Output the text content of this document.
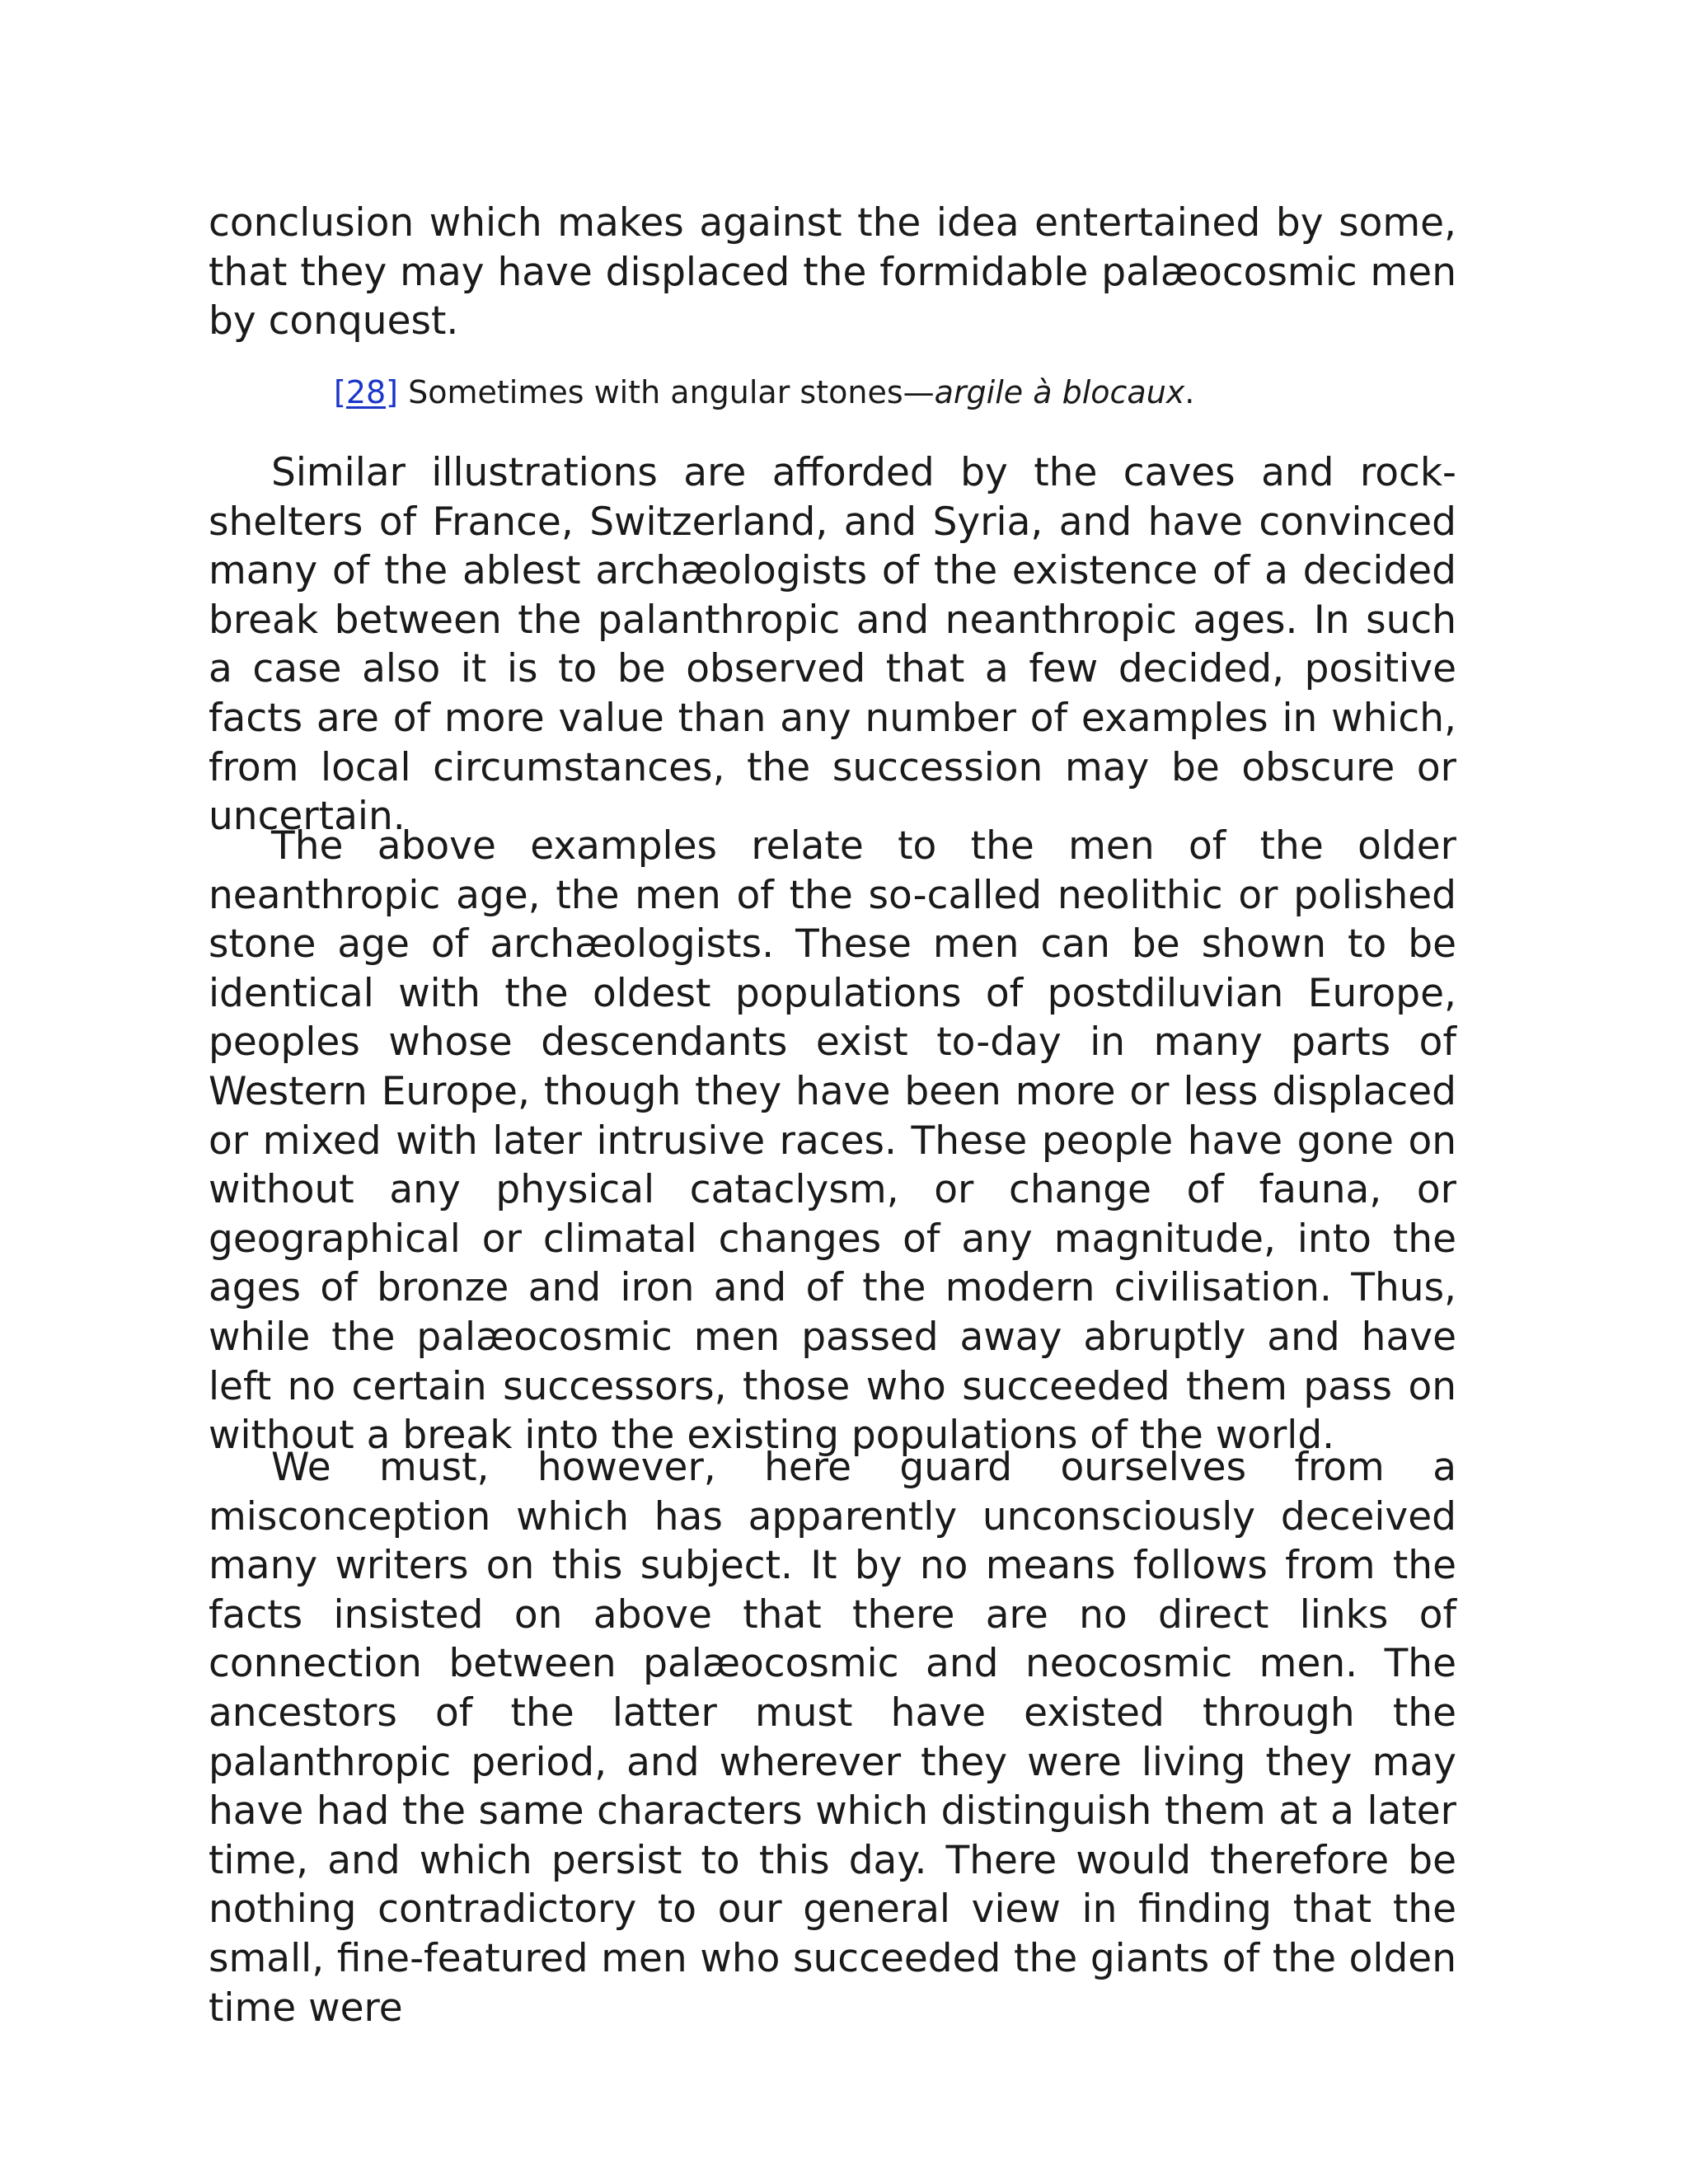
conclusion which makes against the idea entertained by some, that they may have displaced the formidable palæocosmic men by conquest.

[28] Sometimes with angular stones—argile à blocaux.

Similar illustrations are afforded by the caves and rock-shelters of France, Switzerland, and Syria, and have convinced many of the ablest archæologists of the existence of a decided break between the palanthropic and neanthropic ages. In such a case also it is to be observed that a few decided, positive facts are of more value than any number of examples in which, from local circumstances, the succession may be obscure or uncertain.

The above examples relate to the men of the older neanthropic age, the men of the so-called neolithic or polished stone age of archæologists. These men can be shown to be identical with the oldest populations of postdiluvian Europe, peoples whose descendants exist to-day in many parts of Western Europe, though they have been more or less displaced or mixed with later intrusive races. These people have gone on without any physical cataclysm, or change of fauna, or geographical or climatal changes of any magnitude, into the ages of bronze and iron and of the modern civilisation. Thus, while the palæocosmic men passed away abruptly and have left no certain successors, those who succeeded them pass on without a break into the existing populations of the world.

We must, however, here guard ourselves from a misconception which has apparently unconsciously deceived many writers on this subject. It by no means follows from the facts insisted on above that there are no direct links of connection between palæocosmic and neocosmic men. The ancestors of the latter must have existed through the palanthropic period, and wherever they were living they may have had the same characters which distinguish them at a later time, and which persist to this day. There would therefore be nothing contradictory to our general view in finding that the small, fine-featured men who succeeded the giants of the olden time were
